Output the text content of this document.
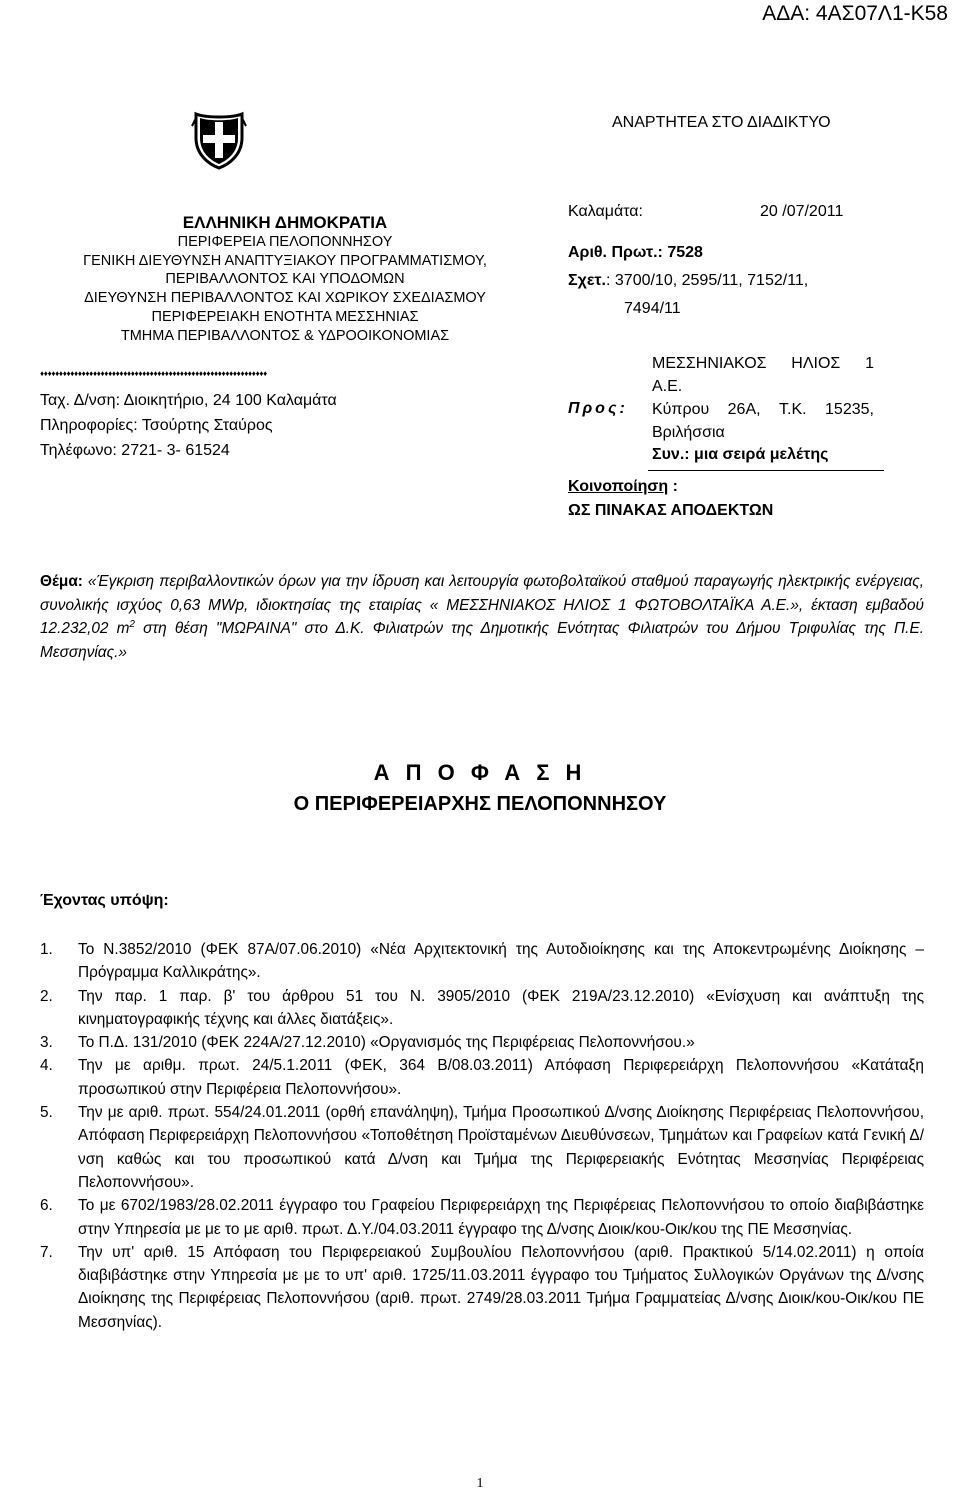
ΑΔΑ: 4ΑΣ07Λ1-Κ58
ΑΝΑΡΤΗΤΕΑ ΣΤΟ ΔΙΑΔΙΚΤΥΟ
ΕΛΛΗΝΙΚΗ ΔΗΜΟΚΡΑΤΙΑ
ΠΕΡΙΦΕΡΕΙΑ ΠΕΛΟΠΟΝΝΗΣΟΥ
ΓΕΝΙΚΗ ΔΙΕΥΘΥΝΣΗ ΑΝΑΠΤΥΞΙΑΚΟΥ ΠΡΟΓΡΑΜΜΑΤΙΣΜΟΥ,
ΠΕΡΙΒΑΛΛΟΝΤΟΣ ΚΑΙ ΥΠΟΔΟΜΩΝ
ΔΙΕΥΘΥΝΣΗ ΠΕΡΙΒΑΛΛΟΝΤΟΣ ΚΑΙ ΧΩΡΙΚΟΥ ΣΧΕΔΙΑΣΜΟΥ
ΠΕΡΙΦΕΡΕΙΑΚΗ ΕΝΟΤΗΤΑ ΜΕΣΣΗΝΙΑΣ
ΤΜΗΜΑ ΠΕΡΙΒΑΛΛΟΝΤΟΣ & ΥΔΡΟΟΙΚΟΝΟΜΙΑΣ
♦♦♦♦♦♦♦♦♦♦♦♦♦♦♦♦♦♦♦♦♦♦♦♦♦♦♦♦♦♦♦♦♦♦♦♦♦♦♦♦♦♦♦♦♦♦♦♦♦♦♦♦♦♦♦♦♦♦♦♦
Ταχ. Δ/νση: Διοικητήριο, 24 100 Καλαμάτα
Πληροφορίες: Τσούρτης Σταύρος
Τηλέφωνο: 2721- 3- 61524
Καλαμάτα:	20 /07/2011
Αριθ. Πρωτ.: 7528
Σχετ.: 3700/10, 2595/11, 7152/11,
7494/11
ΜΕΣΣΗΝΙΑΚΟΣ ΗΛΙΟΣ 1
Α.Ε.
Κύπρου 26Α, Τ.Κ. 15235,
Βριλήσσια
Προς:
Συν.: μια σειρά μελέτης
Κοινοποίηση :
ΩΣ ΠΙΝΑΚΑΣ ΑΠΟΔΕΚΤΩΝ
Θέμα: «Έγκριση περιβαλλοντικών όρων για την ίδρυση και λειτουργία φωτοβολταϊκού σταθμού παραγωγής ηλεκτρικής ενέργειας, συνολικής ισχύος 0,63 MWp, ιδιοκτησίας της εταιρίας « ΜΕΣΣΗΝΙΑΚΟΣ ΗΛΙΟΣ 1 ΦΩΤΟΒΟΛΤΑΪΚΑ Α.Ε.», έκταση εμβαδού 12.232,02 $m^2$ στη θέση "ΜΩΡΑΙΝΑ" στο Δ.Κ. Φιλιατρών της Δημοτικής Ενότητας Φιλιατρών του Δήμου Τριφυλίας της Π.Ε. Μεσσηνίας.»
Α Π Ο Φ Α Σ Η
Ο ΠΕΡΙΦΕΡΕΙΑΡΧΗΣ ΠΕΛΟΠΟΝΝΗΣΟΥ
Έχοντας υπόψη:
1.	Το Ν.3852/2010 (ΦΕΚ 87Α/07.06.2010) «Νέα Αρχιτεκτονική της Αυτοδιοίκησης και της Αποκεντρωμένης Διοίκησης – Πρόγραμμα Καλλικράτης».
2.	Την παρ. 1 παρ. β' του άρθρου 51 του Ν. 3905/2010 (ΦΕΚ 219Α/23.12.2010) «Ενίσχυση και ανάπτυξη της κινηματογραφικής τέχνης και άλλες διατάξεις».
3.	Το Π.Δ. 131/2010 (ΦΕΚ 224Α/27.12.2010) «Οργανισμός της Περιφέρειας Πελοποννήσου.»
4.	Την με αριθμ. πρωτ. 24/5.1.2011 (ΦΕΚ, 364 Β/08.03.2011) Απόφαση Περιφερειάρχη Πελοποννήσου «Κατάταξη προσωπικού στην Περιφέρεια Πελοποννήσου».
5.	Την με αριθ. πρωτ. 554/24.01.2011 (ορθή επανάληψη), Τμήμα Προσωπικού Δ/νσης Διοίκησης Περιφέρειας Πελοποννήσου, Απόφαση Περιφερειάρχη Πελοποννήσου «Τοποθέτηση Προϊσταμένων Διευθύνσεων, Τμημάτων και Γραφείων κατά Γενική Δ/νση καθώς και του προσωπικού κατά Δ/νση και Τμήμα της Περιφερειακής Ενότητας Μεσσηνίας Περιφέρειας Πελοποννήσου».
6.	Το με 6702/1983/28.02.2011 έγγραφο του Γραφείου Περιφερειάρχη της Περιφέρειας Πελοποννήσου το οποίο διαβιβάστηκε στην Υπηρεσία με με το με αριθ. πρωτ. Δ.Υ./04.03.2011 έγγραφο της Δ/νσης Διοικ/κου-Οικ/κου της ΠΕ Μεσσηνίας.
7.	Την υπ' αριθ. 15 Απόφαση του Περιφερειακού Συμβουλίου Πελοποννήσου (αριθ. Πρακτικού 5/14.02.2011) η οποία διαβιβάστηκε στην Υπηρεσία με με το υπ' αριθ. 1725/11.03.2011 έγγραφο του Τμήματος Συλλογικών Οργάνων της Δ/νσης Διοίκησης της Περιφέρειας Πελοποννήσου (αριθ. πρωτ. 2749/28.03.2011 Τμήμα Γραμματείας Δ/νσης Διοικ/κου-Οικ/κου ΠΕ Μεσσηνίας).
1
